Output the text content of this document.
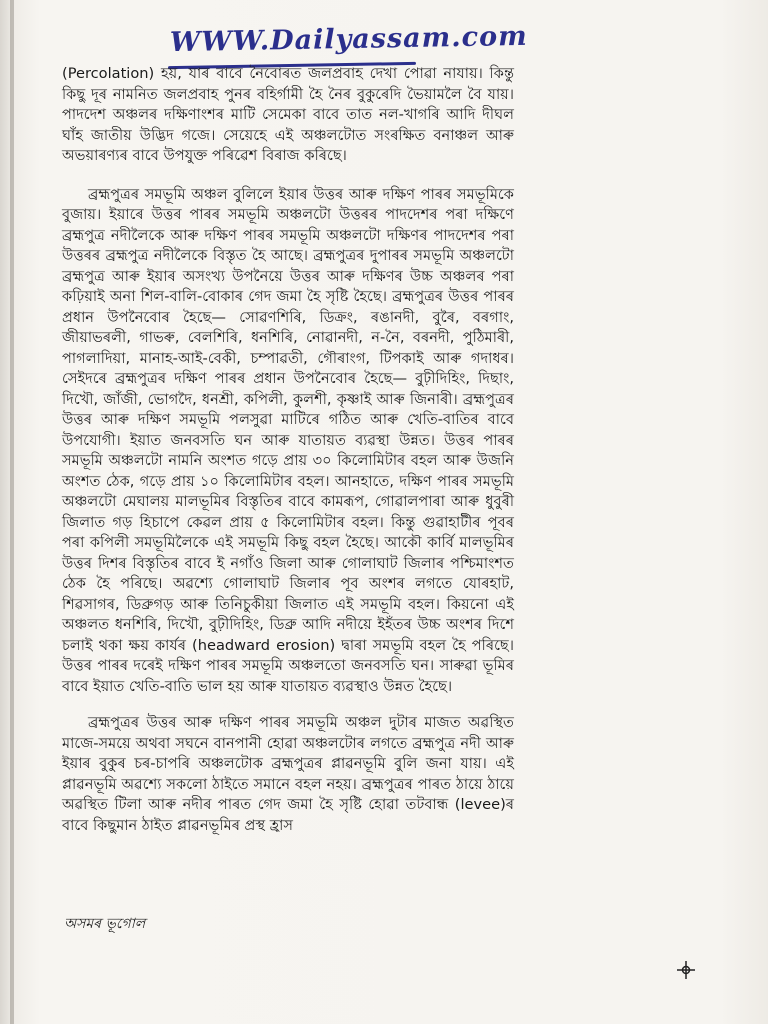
WWW.Dailyassam.com

(Percolation) হয়, যাৰ বাবে নৈবোৰত জলপ্ৰবাহ দেখা পোৱা নাযায়। কিন্তু কিছু দূৰ নামনিত জলপ্ৰবাহ পুনৰ বহিৰ্গামী হৈ নৈৰ বুকুৰেদি ভৈয়ামলৈ বৈ যায়। পাদদেশ অঞ্চলৰ দক্ষিণাংশৰ মাটি সেমেকা বাবে তাত নল-খাগৰি আদি দীঘল ঘাঁহ জাতীয় উদ্ভিদ গজে। সেয়েহে এই অঞ্চলটোত সংৰক্ষিত বনাঞ্চল আৰু অভয়াৰণ্যৰ বাবে উপযুক্ত পৰিৱেশ বিৰাজ কৰিছে।

ব্ৰহ্মপুত্ৰৰ সমভূমি অঞ্চল বুলিলে ইয়াৰ উত্তৰ আৰু দক্ষিণ পাৰৰ সমভূমিকে বুজায়। ইয়াৰে উত্তৰ পাৰৰ সমভূমি অঞ্চলটো উত্তৰৰ পাদদেশৰ পৰা দক্ষিণে ব্ৰহ্মপুত্ৰ নদীলৈকে আৰু দক্ষিণ পাৰৰ সমভূমি অঞ্চলটো দক্ষিণৰ পাদদেশৰ পৰা উত্তৰৰ ব্ৰহ্মপুত্ৰ নদীলৈকে বিস্তৃত হৈ আছে। ব্ৰহ্মপুত্ৰৰ দুপাৰৰ সমভূমি অঞ্চলটো ব্ৰহ্মপুত্ৰ আৰু ইয়াৰ অসংখ্য উপনৈয়ে উত্তৰ আৰু দক্ষিণৰ উচ্চ অঞ্চলৰ পৰা কঢ়িয়াই অনা শিল-বালি-বোকাৰ গেদ জমা হৈ সৃষ্টি হৈছে। ব্ৰহ্মপুত্ৰৰ উত্তৰ পাৰৰ প্ৰধান উপনৈবোৰ হৈছে— সোৱণশিৰি, ডিক্ৰং, ৰঙানদী, বুৰৈ, বৰগাং, জীয়াভৰলী, গাভৰু, বেলশিৰি, ধনশিৰি, নোৱানদী, ন-নৈ, বৰনদী, পুঠিমাৰী, পাগলাদিয়া, মানাহ-আই-বেকী, চম্পাৱতী, গৌৰাংগ, টিপকাই আৰু গদাধৰ। সেইদৰে ব্ৰহ্মপুত্ৰৰ দক্ষিণ পাৰৰ প্ৰধান উপনৈবোৰ হৈছে— বুঢ়ীদিহিং, দিছাং, দিখৌ, জাঁজী, ভোগদৈ, ধনশ্ৰী, কপিলী, কুলশী, কৃষ্ণাই আৰু জিনাৰী। ব্ৰহ্মপুত্ৰৰ উত্তৰ আৰু দক্ষিণ সমভূমি পলসুৱা মাটিৰে গঠিত আৰু খেতি-বাতিৰ বাবে উপযোগী। ইয়াত জনবসতি ঘন আৰু যাতায়ত ব্যৱস্থা উন্নত। উত্তৰ পাৰৰ সমভূমি অঞ্চলটো নামনি অংশত গড়ে প্ৰায় ৩০ কিলোমিটাৰ বহল আৰু উজনি অংশত ঠেক, গড়ে প্ৰায় ১০ কিলোমিটাৰ বহল। আনহাতে, দক্ষিণ পাৰৰ সমভূমি অঞ্চলটো মেঘালয় মালভূমিৰ বিস্তৃতিৰ বাবে কামৰূপ, গোৱালপাৰা আৰু ধুবুৰী জিলাত গড় হিচাপে কেৱল প্ৰায় ৫ কিলোমিটাৰ বহল। কিন্তু গুৱাহাটীৰ পূবৰ পৰা কপিলী সমভূমিলৈকে এই সমভূমি কিছু বহল হৈছে। আকৌ কাৰ্বি মালভূমিৰ উত্তৰ দিশৰ বিস্তৃতিৰ বাবে ই নগাঁও জিলা আৰু গোলাঘাট জিলাৰ পশ্চিমাংশত ঠেক হৈ পৰিছে। অৱশ্যে গোলাঘাট জিলাৰ পূব অংশৰ লগতে যোৰহাট, শিৱসাগৰ, ডিব্ৰুগড় আৰু তিনিচুকীয়া জিলাত এই সমভূমি বহল। কিয়নো এই অঞ্চলত ধনশিৰি, দিখৌ, বুঢ়ীদিহিং, ডিব্ৰু আদি নদীয়ে ইহঁতৰ উচ্চ অংশৰ দিশে চলাই থকা ক্ষয় কাৰ্যৰ (headward erosion) দ্বাৰা সমভূমি বহল হৈ পৰিছে। উত্তৰ পাৰৰ দৰেই দক্ষিণ পাৰৰ সমভূমি অঞ্চলতো জনবসতি ঘন। সাৰুৱা ভূমিৰ বাবে ইয়াত খেতি-বাতি ভাল হয় আৰু যাতায়ত ব্যৱস্থাও উন্নত হৈছে।

ব্ৰহ্মপুত্ৰৰ উত্তৰ আৰু দক্ষিণ পাৰৰ সমভূমি অঞ্চল দুটাৰ মাজত অৱস্থিত মাজে-সময়ে অথবা সঘনে বানপানী হোৱা অঞ্চলটোৰ লগতে ব্ৰহ্মপুত্ৰ নদী আৰু ইয়াৰ বুকুৰ চৰ-চাপৰি অঞ্চলটোক ব্ৰহ্মপুত্ৰৰ প্লাৱনভূমি বুলি জনা যায়। এই প্লাৱনভূমি অৱশ্যে সকলো ঠাইতে সমানে বহল নহয়। ব্ৰহ্মপুত্ৰৰ পাৰত ঠায়ে ঠায়ে অৱস্থিত টিলা আৰু নদীৰ পাৰত গেদ জমা হৈ সৃষ্টি হোৱা তটবান্ধ (levee)ৰ বাবে কিছুমান ঠাইত প্লাৱনভূমিৰ প্ৰস্থ হ্ৰাস

অসমৰ ভূগোল
